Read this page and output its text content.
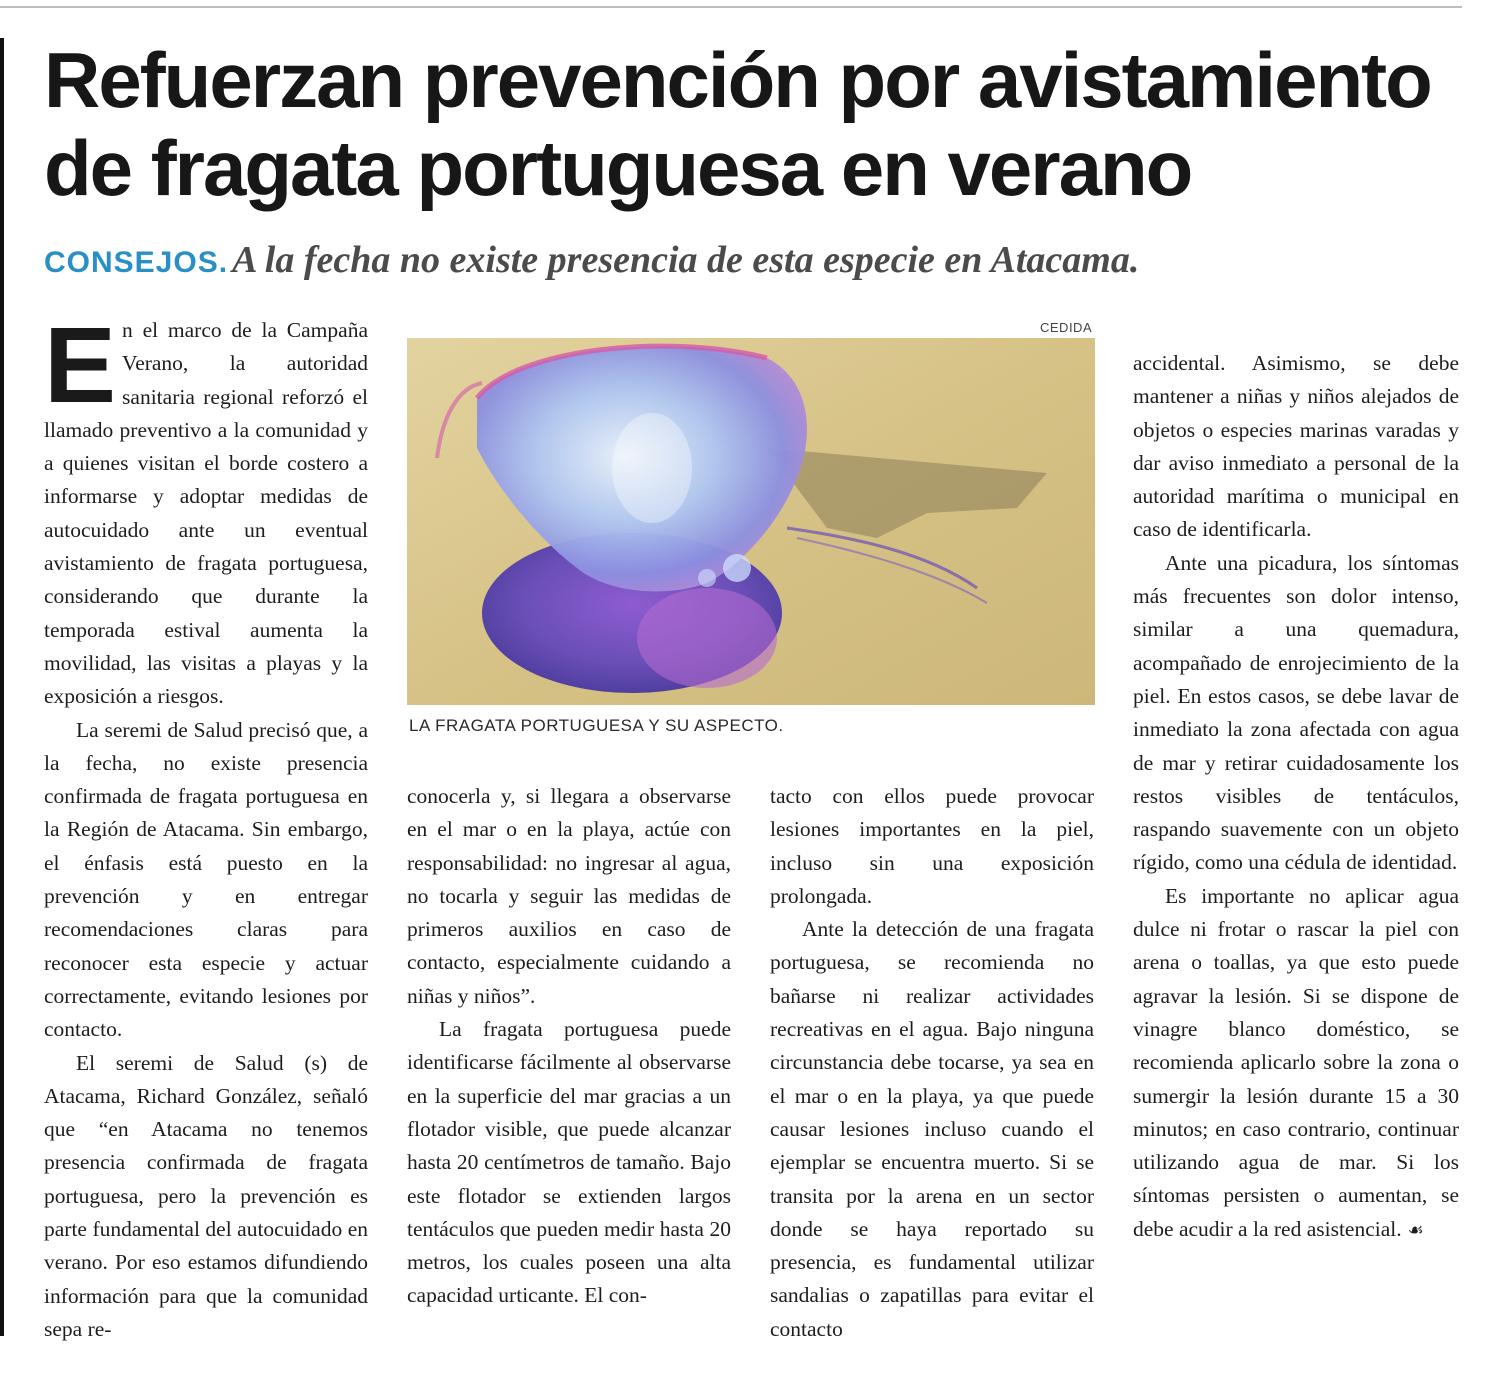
Refuerzan prevención por avistamiento
de fragata portuguesa en verano
CONSEJOS. A la fecha no existe presencia de esta especie en Atacama.

En el marco de la Campaña Verano, la autoridad sanitaria regional reforzó el llamado preventivo a la comunidad y a quienes visitan el borde costero a informarse y adoptar medidas de autocuidado ante un eventual avistamiento de fragata portuguesa, considerando que durante la temporada estival aumenta la movilidad, las visitas a playas y la exposición a riesgos.

La seremi de Salud precisó que, a la fecha, no existe presencia confirmada de fragata portuguesa en la Región de Atacama. Sin embargo, el énfasis está puesto en la prevención y en entregar recomendaciones claras para reconocer esta especie y actuar correctamente, evitando lesiones por contacto.

El seremi de Salud (s) de Atacama, Richard González, señaló que “en Atacama no tenemos presencia confirmada de fragata portuguesa, pero la prevención es parte fundamental del autocuidado en verano. Por eso estamos difundiendo información para que la comunidad sepa re-

CEDIDA
LA FRAGATA PORTUGUESA Y SU ASPECTO.

conocerla y, si llegara a observarse en el mar o en la playa, actúe con responsabilidad: no ingresar al agua, no tocarla y seguir las medidas de primeros auxilios en caso de contacto, especialmente cuidando a niñas y niños”.

La fragata portuguesa puede identificarse fácilmente al observarse en la superficie del mar gracias a un flotador visible, que puede alcanzar hasta 20 centímetros de tamaño. Bajo este flotador se extienden largos tentáculos que pueden medir hasta 20 metros, los cuales poseen una alta capacidad urticante. El con-

tacto con ellos puede provocar lesiones importantes en la piel, incluso sin una exposición prolongada.

Ante la detección de una fragata portuguesa, se recomienda no bañarse ni realizar actividades recreativas en el agua. Bajo ninguna circunstancia debe tocarse, ya sea en el mar o en la playa, ya que puede causar lesiones incluso cuando el ejemplar se encuentra muerto. Si se transita por la arena en un sector donde se haya reportado su presencia, es fundamental utilizar sandalias o zapatillas para evitar el contacto

accidental. Asimismo, se debe mantener a niñas y niños alejados de objetos o especies marinas varadas y dar aviso inmediato a personal de la autoridad marítima o municipal en caso de identificarla.

Ante una picadura, los síntomas más frecuentes son dolor intenso, similar a una quemadura, acompañado de enrojecimiento de la piel. En estos casos, se debe lavar de inmediato la zona afectada con agua de mar y retirar cuidadosamente los restos visibles de tentáculos, raspando suavemente con un objeto rígido, como una cédula de identidad.

Es importante no aplicar agua dulce ni frotar o rascar la piel con arena o toallas, ya que esto puede agravar la lesión. Si se dispone de vinagre blanco doméstico, se recomienda aplicarlo sobre la zona o sumergir la lesión durante 15 a 30 minutos; en caso contrario, continuar utilizando agua de mar. Si los síntomas persisten o aumentan, se debe acudir a la red asistencial. ☙
